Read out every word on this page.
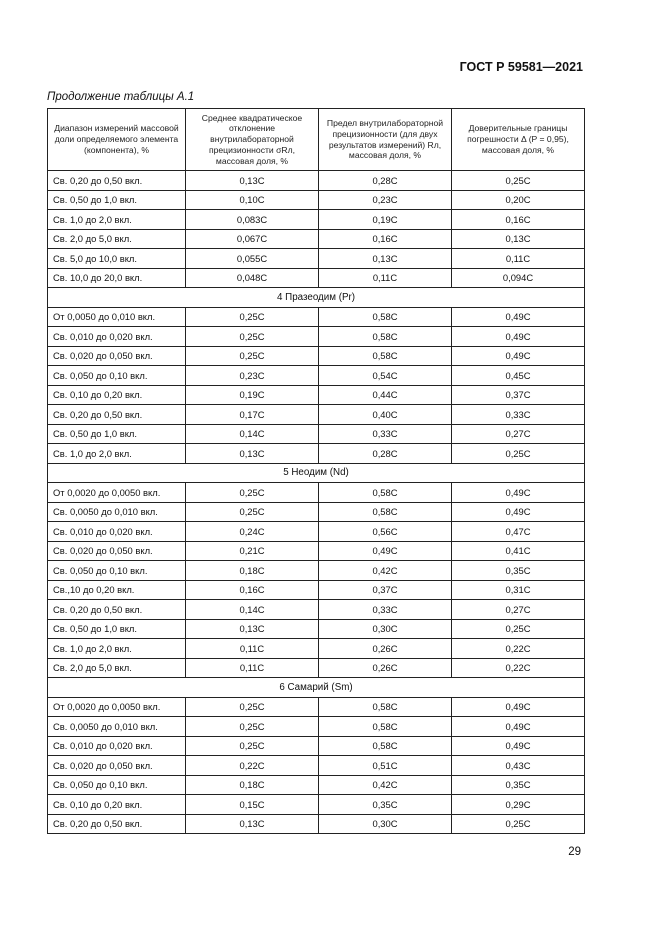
ГОСТ Р 59581—2021
Продолжение таблицы А.1
Диапазон измерений массовой доли определяемого элемента (компонента), %	Среднее квадратическое отклонение внутрилабораторной прецизионности σRл, массовая доля, %	Предел внутрилабораторной прецизионности (для двух результатов измерений) Rл, массовая доля, %	Доверительные границы погрешности Δ (P = 0,95), массовая доля, %
Св. 0,20 до 0,50 вкл.	0,13C	0,28C	0,25C
Св. 0,50 до 1,0 вкл.	0,10C	0,23C	0,20C
Св. 1,0 до 2,0 вкл.	0,083C	0,19C	0,16C
Св. 2,0 до 5,0 вкл.	0,067C	0,16C	0,13C
Св. 5,0 до 10,0 вкл.	0,055C	0,13C	0,11C
Св. 10,0 до 20,0 вкл.	0,048C	0,11C	0,094C
4 Празеодим (Pr)			
От 0,0050 до 0,010 вкл.	0,25C	0,58C	0,49C
Св. 0,010 до 0,020 вкл.	0,25C	0,58C	0,49C
Св. 0,020 до 0,050 вкл.	0,25C	0,58C	0,49C
Св. 0,050 до 0,10 вкл.	0,23C	0,54C	0,45C
Св. 0,10 до 0,20 вкл.	0,19C	0,44C	0,37C
Св. 0,20 до 0,50 вкл.	0,17C	0,40C	0,33C
Св. 0,50 до 1,0 вкл.	0,14C	0,33C	0,27C
Св. 1,0 до 2,0 вкл.	0,13C	0,28C	0,25C
5 Неодим (Nd)			
От 0,0020 до 0,0050 вкл.	0,25C	0,58C	0,49C
Св. 0,0050 до 0,010 вкл.	0,25C	0,58C	0,49C
Св. 0,010 до 0,020 вкл.	0,24C	0,56C	0,47C
Св. 0,020 до 0,050 вкл.	0,21C	0,49C	0,41C
Св. 0,050 до 0,10 вкл.	0,18C	0,42C	0,35C
Св.,10 до 0,20 вкл.	0,16C	0,37C	0,31C
Св. 0,20 до 0,50 вкл.	0,14C	0,33C	0,27C
Св. 0,50 до 1,0 вкл.	0,13C	0,30C	0,25C
Св. 1,0 до 2,0 вкл.	0,11C	0,26C	0,22C
Св. 2,0 до 5,0 вкл.	0,11C	0,26C	0,22C
6 Самарий (Sm)			
От 0,0020 до 0,0050 вкл.	0,25C	0,58C	0,49C
Св. 0,0050 до 0,010 вкл.	0,25C	0,58C	0,49C
Св. 0,010 до 0,020 вкл.	0,25C	0,58C	0,49C
Св. 0,020 до 0,050 вкл.	0,22C	0,51C	0,43C
Св. 0,050 до 0,10 вкл.	0,18C	0,42C	0,35C
Св. 0,10 до 0,20 вкл.	0,15C	0,35C	0,29C
Св. 0,20 до 0,50 вкл.	0,13C	0,30C	0,25C
29
